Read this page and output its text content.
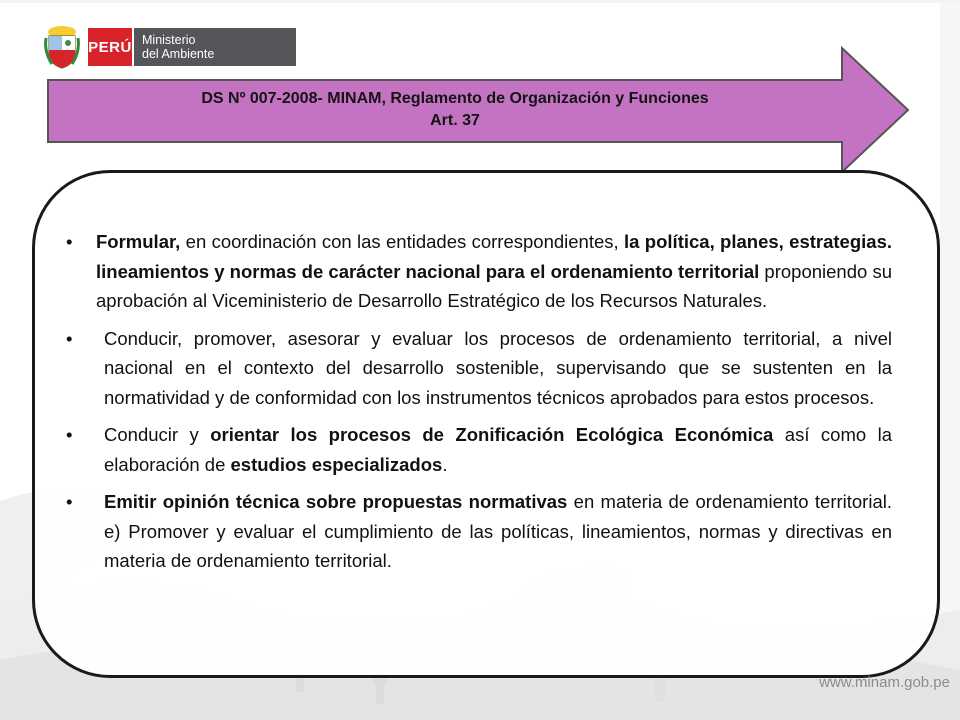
PERÚ Ministerio
del Ambiente
DS Nº 007-2008- MINAM, Reglamento de Organización y Funciones
Art. 37
• Formular, en coordinación con las entidades correspondientes, la política, planes, estrategias. lineamientos y normas de carácter nacional para el ordenamiento territorial proponiendo su aprobación al Viceministerio de Desarrollo Estratégico de los Recursos Naturales.
• Conducir, promover, asesorar y evaluar los procesos de ordenamiento territorial, a nivel nacional en el contexto del desarrollo sostenible, supervisando que se sustenten en la normatividad y de conformidad con los instrumentos técnicos aprobados para estos procesos.
• Conducir y orientar los procesos de Zonificación Ecológica Económica así como la elaboración de estudios especializados.
• Emitir opinión técnica sobre propuestas normativas en materia de ordenamiento territorial. e) Promover y evaluar el cumplimiento de las políticas, lineamientos, normas y directivas en materia de ordenamiento territorial.
www.minam.gob.pe
